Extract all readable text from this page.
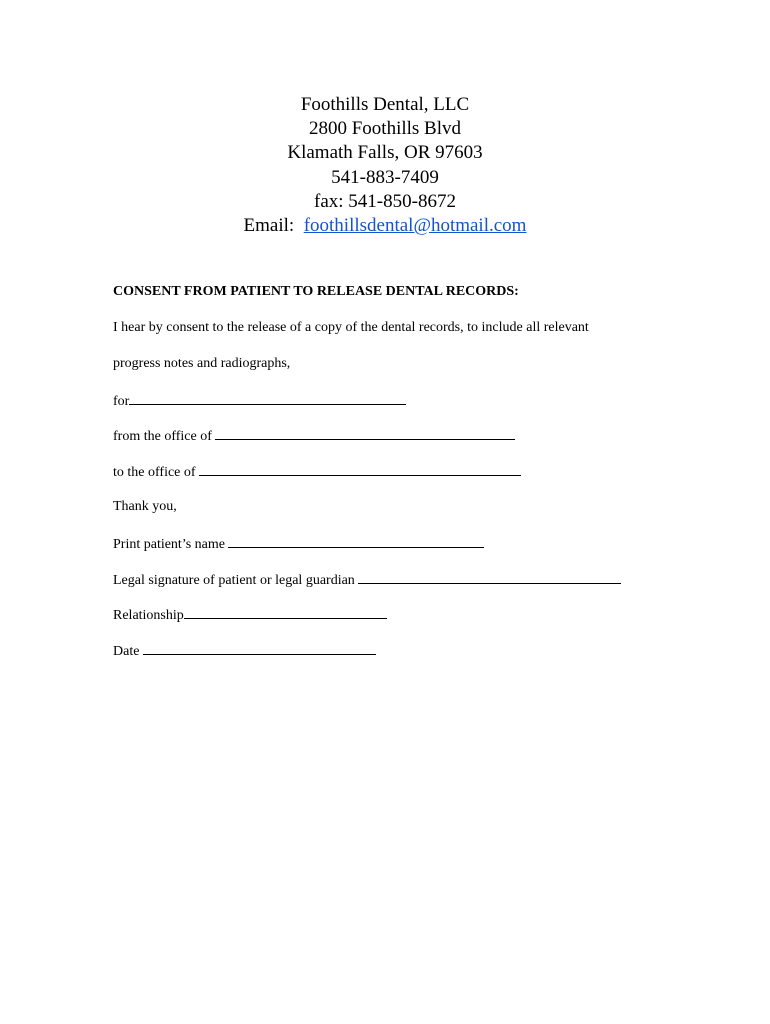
Foothills Dental, LLC
2800 Foothills Blvd
Klamath Falls, OR 97603
541-883-7409
fax: 541-850-8672
Email: foothillsdental@hotmail.com
CONSENT FROM PATIENT TO RELEASE DENTAL RECORDS:
I hear by consent to the release of a copy of the dental records, to include all relevant
progress notes and radiographs,
for
from the office of
to the office of
Thank you,
Print patient’s name
Legal signature of patient or legal guardian
Relationship
Date
